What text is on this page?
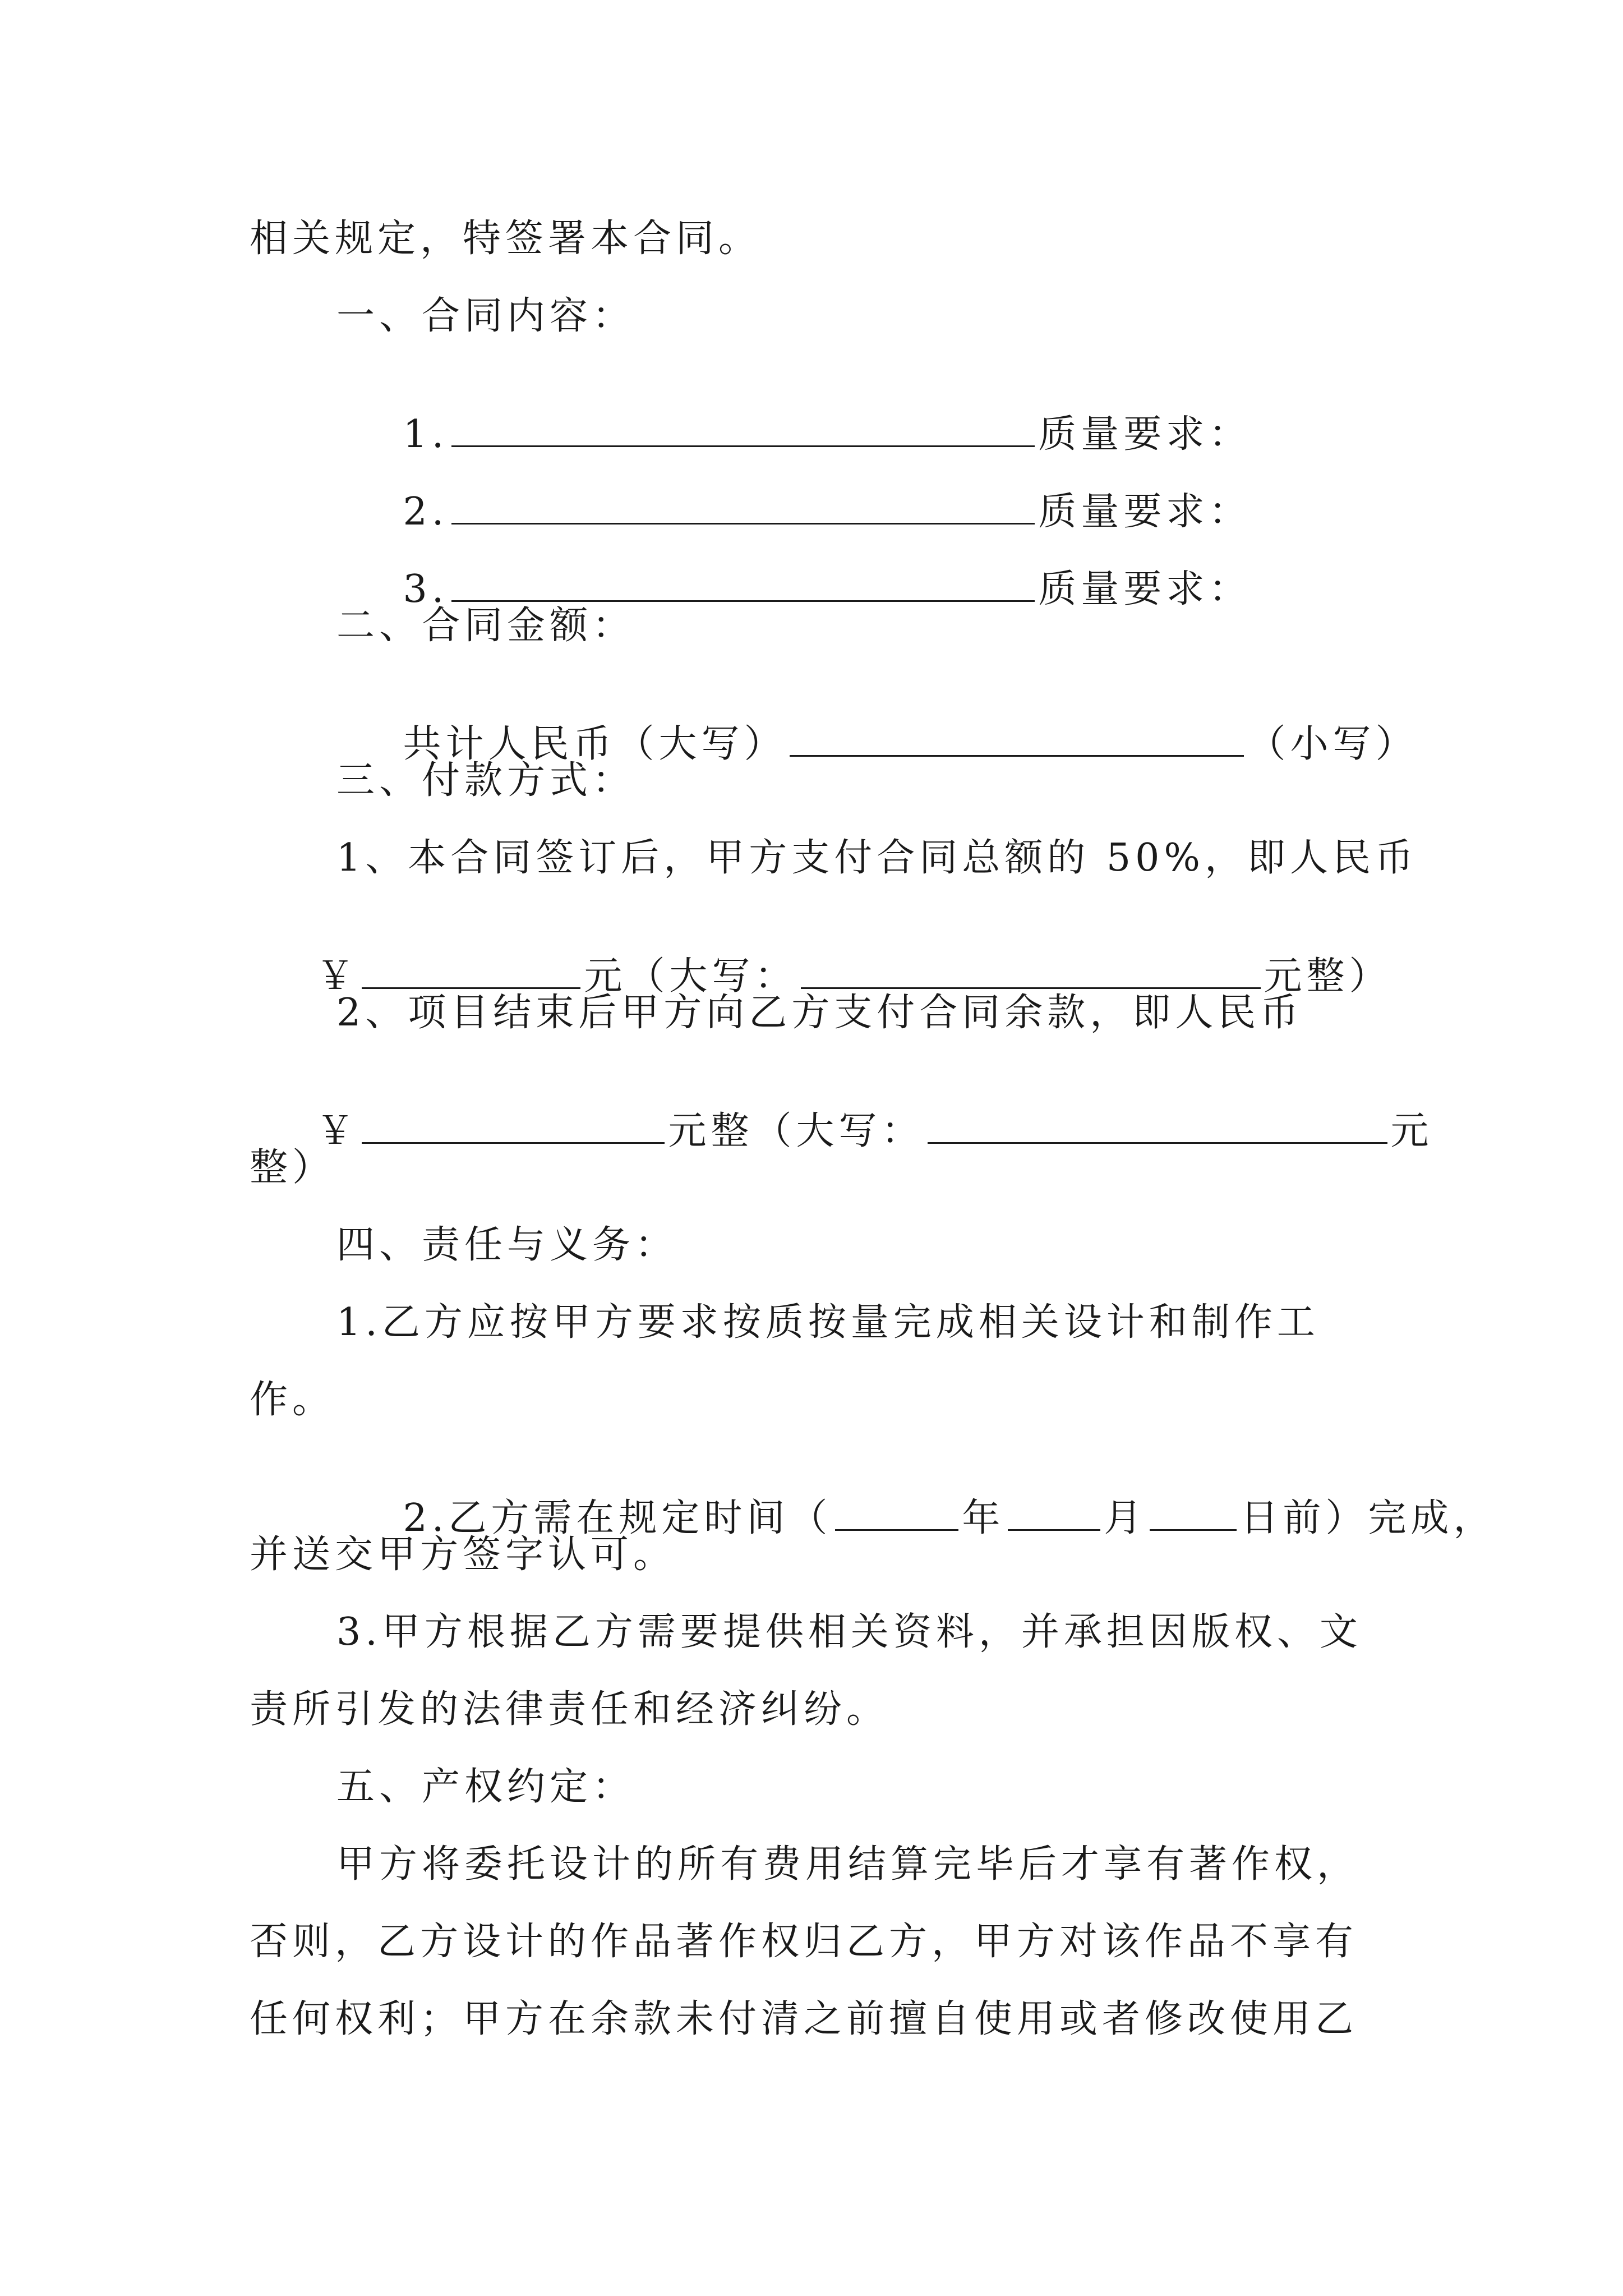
相关规定，特签署本合同。
一、合同内容：

1.	质量要求：

2.	质量要求：

3.	质量要求：

二、合同金额：

共计人民币（大写）	（小写）

三、付款方式：
1、本合同签订后，甲方支付合同总额的 50%，即人民币

￥	元（大写：	元整）

2、项目结束后甲方向乙方支付合同余款，即人民币

￥	元整（大写：	元

整）
四、责任与义务：
1.乙方应按甲方要求按质按量完成相关设计和制作工
作。

2.乙方需在规定时间（	年	月 日前）完成，

并送交甲方签字认可。
3.甲方根据乙方需要提供相关资料，并承担因版权、文
责所引发的法律责任和经济纠纷。
五、产权约定：
甲方将委托设计的所有费用结算完毕后才享有著作权，
否则，乙方设计的作品著作权归乙方，甲方对该作品不享有
任何权利；甲方在余款未付清之前擅自使用或者修改使用乙
